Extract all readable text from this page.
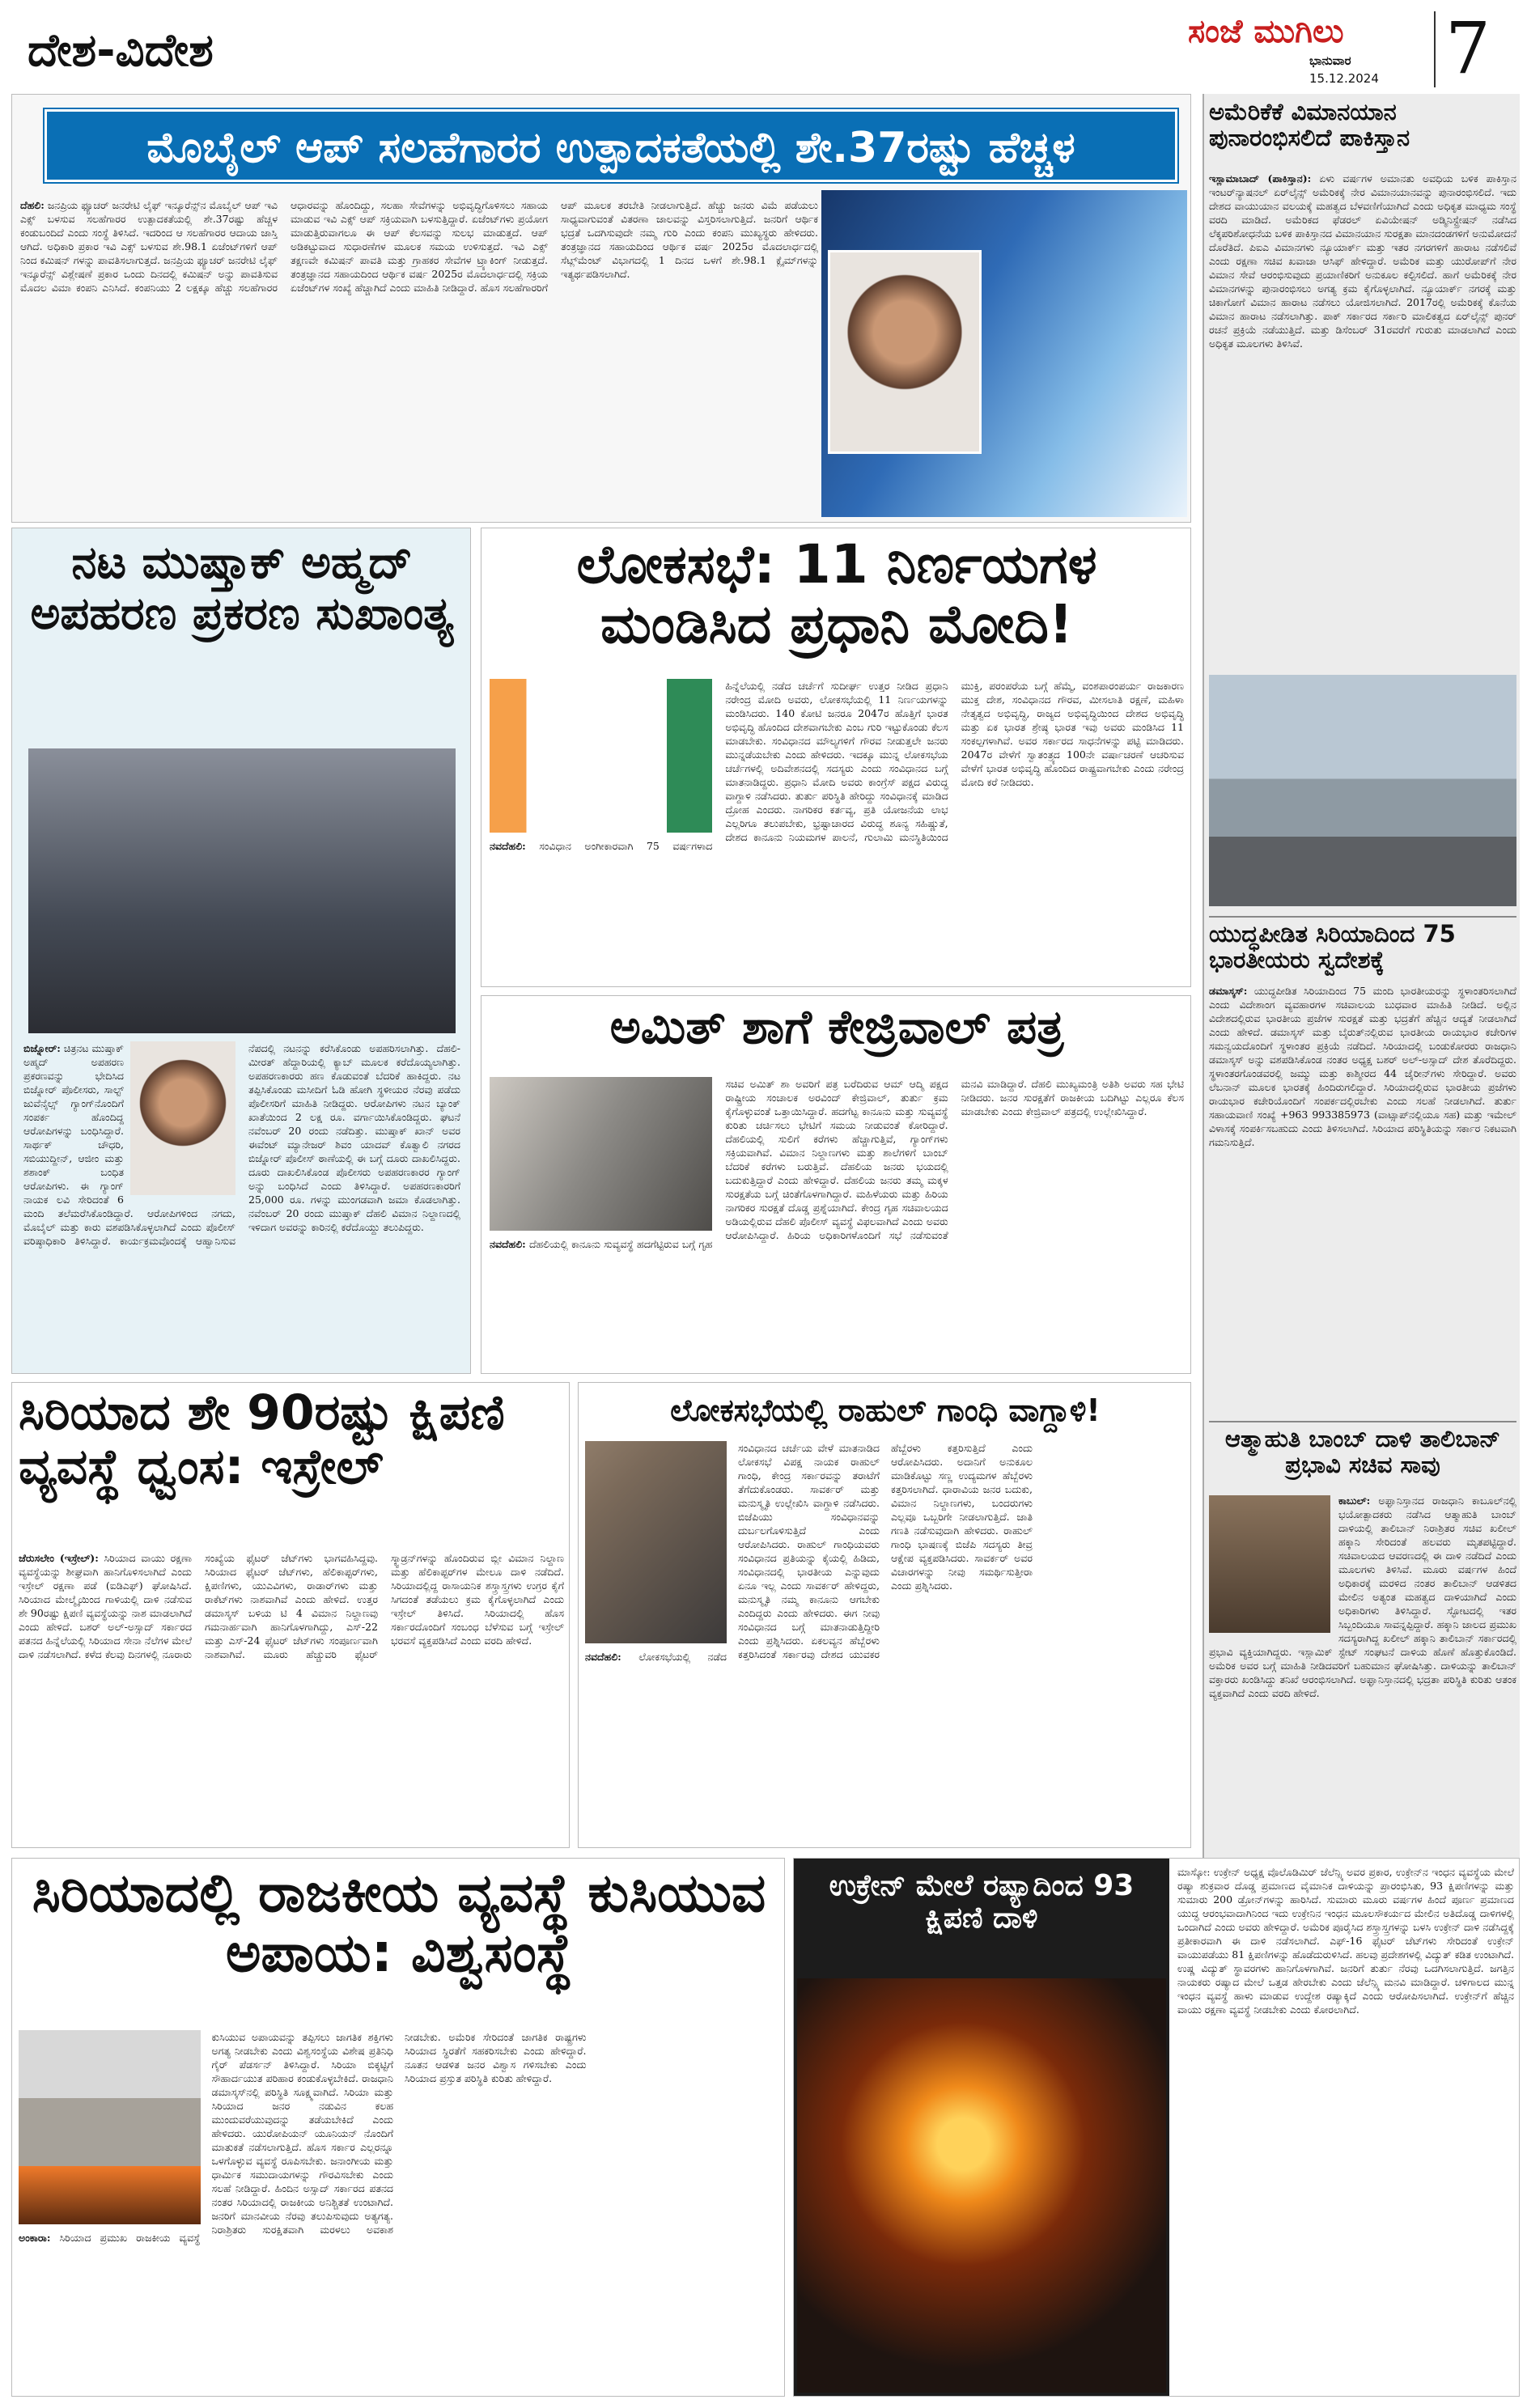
ದೇಶ-ವಿದೇಶ	ಸಂಜೆ ಮುಗಿಲು
ಭಾನುವಾರ
15.12.2024 7
ಮೊಬೈಲ್ ಆಪ್ ಸಲಹೆಗಾರರ ಉತ್ಪಾದಕತೆಯಲ್ಲಿ ಶೇ.37ರಷ್ಟು ಹೆಚ್ಚಳ
ದೆಹಲಿ: ಜನಪ್ರಿಯ ಫ್ಯೂಚರ್ ಜನರೇಟಿ ಲೈಫ್ ಇನ್ಶೂರೆನ್ಸ್‌ನ ಮೊಬೈಲ್ ಆಪ್ ಇವಿ ಎಕ್ಸ್‌ ಬಳಸುವ ಸಲಹೆಗಾರರ ಉತ್ಪಾದಕತೆಯಲ್ಲಿ ಶೇ.37ರಷ್ಟು ಹೆಚ್ಚಳ ಕಂಡುಬಂದಿದೆ ಎಂದು ಸಂಸ್ಥೆ ತಿಳಿಸಿದೆ. ಇದರಿಂದ ಆ ಸಲಹೆಗಾರರ ಆದಾಯ ಜಾಸ್ತಿ ಆಗಿದೆ. ಅಧಿಕಾರಿ ಪ್ರಕಾರ ಇವಿ ಎಕ್ಸ್‌ ಬಳಸುವ ಶೇ.98.1 ಏಜೆಂಟ್‌ಗಳಿಗೆ ಆಪ್‌ ನಿಂದ ಕಮಿಷನ್‌ ಗಳನ್ನು ಪಾವತಿಸಲಾಗುತ್ತದೆ. ಜನಪ್ರಿಯ ಫ್ಯೂಚರ್ ಜನರೇಟಿ ಲೈಫ್ ಇನ್ಶೂರೆನ್ಸ್ ವಿಶ್ಲೇಷಣೆ ಪ್ರಕಾರ ಒಂದು ದಿನದಲ್ಲಿ ಕಮಿಷನ್ ಅನ್ನು ಪಾವತಿಸುವ ಮೊದಲ ವಿಮಾ ಕಂಪನಿ ಎನಿಸಿದೆ. ಕಂಪನಿಯು 2 ಲಕ್ಷಕ್ಕೂ ಹೆಚ್ಚು ಸಲಹೆಗಾರರ ಆಧಾರವನ್ನು ಹೊಂದಿದ್ದು, ಸಲಹಾ ಸೇವೆಗಳನ್ನು ಅಭಿವೃದ್ಧಿಗೊಳಿಸಲು ಸಹಾಯ ಮಾಡುವ ಇವಿ ಎಕ್ಸ್‌ ಆಪ್ ಸಕ್ರಿಯವಾಗಿ ಬಳಸುತ್ತಿದ್ದಾರೆ. ಏಜೆಂಟ್‌ಗಳು ಪ್ರಯೋಗ ಮಾಡುತ್ತಿರುವಾಗಲೂ ಈ ಆಪ್ ಕೆಲಸವನ್ನು ಸುಲಭ ಮಾಡುತ್ತದೆ. ಆಪ್ ಅಡಿಕಟ್ಟುವಾದ ಸುಧಾರಣೆಗಳ ಮೂಲಕ ಸಮಯ ಉಳಿಸುತ್ತದೆ. ಇವಿ ಎಕ್ಸ್ ತಕ್ಷಣವೇ ಕಮಿಷನ್ ಪಾವತಿ ಮತ್ತು ಗ್ರಾಹಕರ ಸೇವೆಗಳ ಟ್ರ್ಯಾಕಿಂಗ್ ನೀಡುತ್ತದೆ. ತಂತ್ರಜ್ಞಾನದ ಸಹಾಯದಿಂದ ಆರ್ಥಿಕ ವರ್ಷ 2025ರ ಮೊದಲಾರ್ಧದಲ್ಲಿ ಸಕ್ರಿಯ ಏಜೆಂಟ್‌ಗಳ ಸಂಖ್ಯೆ ಹೆಚ್ಚಾಗಿದೆ ಎಂದು ಮಾಹಿತಿ ನೀಡಿದ್ದಾರೆ. ಹೊಸ ಸಲಹೆಗಾರರಿಗೆ ಆಪ್ ಮೂಲಕ ತರಬೇತಿ ನೀಡಲಾಗುತ್ತಿದೆ. ಹೆಚ್ಚು ಜನರು ವಿಮೆ ಪಡೆಯಲು ಸಾಧ್ಯವಾಗುವಂತೆ ವಿತರಣಾ ಜಾಲವನ್ನು ವಿಸ್ತರಿಸಲಾಗುತ್ತಿದೆ. ಜನರಿಗೆ ಆರ್ಥಿಕ ಭದ್ರತೆ ಒದಗಿಸುವುದೇ ನಮ್ಮ ಗುರಿ ಎಂದು ಕಂಪನಿ ಮುಖ್ಯಸ್ಥರು ಹೇಳಿದರು. ತಂತ್ರಜ್ಞಾನದ ಸಹಾಯದಿಂದ ಆರ್ಥಿಕ ವರ್ಷ 2025ರ ಮೊದಲಾರ್ಧದಲ್ಲಿ ಸೆಟ್ಲ್‌ಮೆಂಟ್ ವಿಭಾಗದಲ್ಲಿ 1 ದಿನದ ಒಳಗೆ ಶೇ.98.1 ಕ್ಲೈಮ್‌ಗಳನ್ನು ಇತ್ಯರ್ಥಪಡಿಸಲಾಗಿದೆ.
ಅಮೆರಿಕೆಕೆ ವಿಮಾನಯಾನ ಪುನಾರಂಭಿಸಲಿದೆ ಪಾಕಿಸ್ತಾನ
ಇಸ್ಲಾಮಾಬಾದ್ (ಪಾಕಿಸ್ತಾನ): ಏಳು ವರ್ಷಗಳ ಅಮಾನತು ಅವಧಿಯ ಬಳಿಕ ಪಾಕಿಸ್ತಾನ ಇಂಟರ್‌ನ್ಯಾಷನಲ್ ಏರ್‌ಲೈನ್ಸ್ ಅಮೆರಿಕಕ್ಕೆ ನೇರ ವಿಮಾನಯಾನವನ್ನು ಪುನಾರಂಭಿಸಲಿದೆ. ಇದು ದೇಶದ ವಾಯುಯಾನ ವಲಯಕ್ಕೆ ಮಹತ್ವದ ಬೆಳವಣಿಗೆಯಾಗಿದೆ ಎಂದು ಅಧಿಕೃತ ಮಾಧ್ಯಮ ಸಂಸ್ಥೆ ವರದಿ ಮಾಡಿದೆ. ಅಮೆರಿಕದ ಫೆಡರಲ್ ಏವಿಯೇಷನ್ ಅಡ್ಮಿನಿಸ್ಟ್ರೇಷನ್ ನಡೆಸಿದ ಲೆಕ್ಕಪರಿಶೋಧನೆಯ ಬಳಿಕ ಪಾಕಿಸ್ತಾನದ ವಿಮಾನಯಾನ ಸುರಕ್ಷತಾ ಮಾನದಂಡಗಳಿಗೆ ಅನುಮೋದನೆ ದೊರೆತಿದೆ. ಪಿಐಎ ವಿಮಾನಗಳು ನ್ಯೂಯಾರ್ಕ್ ಮತ್ತು ಇತರ ನಗರಗಳಿಗೆ ಹಾರಾಟ ನಡೆಸಲಿವೆ ಎಂದು ರಕ್ಷಣಾ ಸಚಿವ ಖವಾಜಾ ಆಸಿಫ್ ಹೇಳಿದ್ದಾರೆ. ಅಮೆರಿಕ ಮತ್ತು ಯುರೋಪ್‌ಗೆ ನೇರ ವಿಮಾನ ಸೇವೆ ಆರಂಭಿಸುವುದು ಪ್ರಯಾಣಿಕರಿಗೆ ಅನುಕೂಲ ಕಲ್ಪಿಸಲಿದೆ. ಹಾಗೆ ಅಮೆರಿಕಕ್ಕೆ ನೇರ ವಿಮಾನಗಳನ್ನು ಪುನಾರಂಭಿಸಲು ಅಗತ್ಯ ಕ್ರಮ ಕೈಗೊಳ್ಳಲಾಗಿದೆ. ನ್ಯೂಯಾರ್ಕ್ ನಗರಕ್ಕೆ ಮತ್ತು ಚಿಕಾಗೋಗೆ ವಿಮಾನ ಹಾರಾಟ ನಡೆಸಲು ಯೋಜಿಸಲಾಗಿದೆ. 2017ರಲ್ಲಿ ಅಮೆರಿಕಕ್ಕೆ ಕೊನೆಯ ವಿಮಾನ ಹಾರಾಟ ನಡೆಸಲಾಗಿತ್ತು. ಪಾಕ್ ಸರ್ಕಾರದ ಸರ್ಕಾರಿ ಮಾಲಿಕತ್ವದ ಏರ್‌ಲೈನ್ಸ್ ಪುನರ್ ರಚನೆ ಪ್ರಕ್ರಿಯೆ ನಡೆಯುತ್ತಿದೆ. ಮತ್ತು ಡಿಸೆಂಬರ್ 31ರವರೆಗೆ ಗುರುತು ಮಾಡಲಾಗಿದೆ ಎಂದು ಅಧಿಕೃತ ಮೂಲಗಳು ತಿಳಿಸಿವೆ.
ಯುದ್ಧಪೀಡಿತ ಸಿರಿಯಾದಿಂದ 75 ಭಾರತೀಯರು ಸ್ವದೇಶಕ್ಕೆ
ಡಮಾಸ್ಕಸ್: ಯುದ್ಧಪೀಡಿತ ಸಿರಿಯಾದಿಂದ 75 ಮಂದಿ ಭಾರತೀಯರನ್ನು ಸ್ಥಳಾಂತರಿಸಲಾಗಿದೆ ಎಂದು ವಿದೇಶಾಂಗ ವ್ಯವಹಾರಗಳ ಸಚಿವಾಲಯ ಬುಧವಾರ ಮಾಹಿತಿ ನೀಡಿದೆ. ಅಲ್ಲಿನ ವಿದೇಶದಲ್ಲಿರುವ ಭಾರತೀಯ ಪ್ರಜೆಗಳ ಸುರಕ್ಷತೆ ಮತ್ತು ಭದ್ರತೆಗೆ ಹೆಚ್ಚಿನ ಆದ್ಯತೆ ನೀಡಲಾಗಿದೆ ಎಂದು ಹೇಳಿದೆ. ಡಮಾಸ್ಕಸ್ ಮತ್ತು ಬೈರುತ್‌ನಲ್ಲಿರುವ ಭಾರತೀಯ ರಾಯಭಾರ ಕಚೇರಿಗಳ ಸಮನ್ವಯದೊಂದಿಗೆ ಸ್ಥಳಾಂತರ ಪ್ರಕ್ರಿಯೆ ನಡೆದಿದೆ. ಸಿರಿಯಾದಲ್ಲಿ ಬಂಡುಕೋರರು ರಾಜಧಾನಿ ಡಮಾಸ್ಕಸ್ ಅನ್ನು ವಶಪಡಿಸಿಕೊಂಡ ನಂತರ ಅಧ್ಯಕ್ಷ ಬಶರ್ ಅಲ್-ಅಸ್ಸಾದ್ ದೇಶ ತೊರೆದಿದ್ದರು. ಸ್ಥಳಾಂತರಗೊಂಡವರಲ್ಲಿ ಜಮ್ಮು ಮತ್ತು ಕಾಶ್ಮೀರದ 44 ಜೈರೀನ್‌ಗಳು ಸೇರಿದ್ದಾರೆ. ಅವರು ಲೆಬನಾನ್ ಮೂಲಕ ಭಾರತಕ್ಕೆ ಹಿಂದಿರುಗಲಿದ್ದಾರೆ. ಸಿರಿಯಾದಲ್ಲಿರುವ ಭಾರತೀಯ ಪ್ರಜೆಗಳು ರಾಯಭಾರ ಕಚೇರಿಯೊಂದಿಗೆ ಸಂಪರ್ಕದಲ್ಲಿರಬೇಕು ಎಂದು ಸಲಹೆ ನೀಡಲಾಗಿದೆ. ತುರ್ತು ಸಹಾಯವಾಣಿ ಸಂಖ್ಯೆ +963 993385973 (ವಾಟ್ಸಾಪ್‌ನಲ್ಲಿಯೂ ಸಹ) ಮತ್ತು ಇಮೇಲ್ ವಿಳಾಸಕ್ಕೆ ಸಂಪರ್ಕಿಸಬಹುದು ಎಂದು ತಿಳಿಸಲಾಗಿದೆ. ಸಿರಿಯಾದ ಪರಿಸ್ಥಿತಿಯನ್ನು ಸರ್ಕಾರ ನಿಕಟವಾಗಿ ಗಮನಿಸುತ್ತಿದೆ.
ಆತ್ಮಾಹುತಿ ಬಾಂಬ್ ದಾಳಿ ತಾಲಿಬಾನ್ ಪ್ರಭಾವಿ ಸಚಿವ ಸಾವು
ಕಾಬುಲ್: ಅಫ್ಘಾನಿಸ್ತಾನದ ರಾಜಧಾನಿ ಕಾಬೂಲ್‌ನಲ್ಲಿ ಭಯೋತ್ಪಾದಕರು ನಡೆಸಿದ ಆತ್ಮಾಹುತಿ ಬಾಂಬ್ ದಾಳಿಯಲ್ಲಿ ತಾಲಿಬಾನ್ ನಿರಾಶ್ರಿತರ ಸಚಿವ ಖಲೀಲ್ ಹಕ್ಕಾನಿ ಸೇರಿದಂತೆ ಹಲವರು ಮೃತಪಟ್ಟಿದ್ದಾರೆ. ಸಚಿವಾಲಯದ ಆವರಣದಲ್ಲಿ ಈ ದಾಳಿ ನಡೆದಿದೆ ಎಂದು ಮೂಲಗಳು ತಿಳಿಸಿವೆ. ಮೂರು ವರ್ಷಗಳ ಹಿಂದೆ ಅಧಿಕಾರಕ್ಕೆ ಮರಳಿದ ನಂತರ ತಾಲಿಬಾನ್ ಆಡಳಿತದ ಮೇಲಿನ ಅತ್ಯಂತ ಮಹತ್ವದ ದಾಳಿಯಾಗಿದೆ ಎಂದು ಅಧಿಕಾರಿಗಳು ತಿಳಿಸಿದ್ದಾರೆ. ಸ್ಫೋಟದಲ್ಲಿ ಇತರ ಸಿಬ್ಬಂದಿಯೂ ಸಾವನ್ನಪ್ಪಿದ್ದಾರೆ. ಹಕ್ಕಾನಿ ಜಾಲದ ಪ್ರಮುಖ ಸದಸ್ಯರಾಗಿದ್ದ ಖಲೀಲ್ ಹಕ್ಕಾನಿ ತಾಲಿಬಾನ್ ಸರ್ಕಾರದಲ್ಲಿ ಪ್ರಭಾವಿ ವ್ಯಕ್ತಿಯಾಗಿದ್ದರು. ಇಸ್ಲಾಮಿಕ್ ಸ್ಟೇಟ್ ಸಂಘಟನೆ ದಾಳಿಯ ಹೊಣೆ ಹೊತ್ತುಕೊಂಡಿದೆ. ಅಮೆರಿಕ ಅವರ ಬಗ್ಗೆ ಮಾಹಿತಿ ನೀಡಿದವರಿಗೆ ಬಹುಮಾನ ಘೋಷಿಸಿತ್ತು. ದಾಳಿಯನ್ನು ತಾಲಿಬಾನ್ ವಕ್ತಾರರು ಖಂಡಿಸಿದ್ದು ತನಿಖೆ ಆರಂಭಿಸಲಾಗಿದೆ. ಅಫ್ಘಾನಿಸ್ತಾನದಲ್ಲಿ ಭದ್ರತಾ ಪರಿಸ್ಥಿತಿ ಕುರಿತು ಆತಂಕ ವ್ಯಕ್ತವಾಗಿದೆ ಎಂದು ವರದಿ ಹೇಳಿದೆ.
ನಟ ಮುಷ್ತಾಕ್ ಅಹ್ಮದ್ ಅಪಹರಣ ಪ್ರಕರಣ ಸುಖಾಂತ್ಯ
ಬಿಜ್ನೋರ್: ಚಿತ್ರನಟ ಮುಷ್ತಾಕ್ ಅಹ್ಮದ್ ಅಪಹರಣ ಪ್ರಕರಣವನ್ನು ಭೇದಿಸಿದ ಬಿಜ್ನೋರ್ ಪೊಲೀಸರು, ಸಾಲ್ಟ್ ಜುವೆನೈಲ್ಸ್ ಗ್ಯಾಂಗ್‌ನೊಂದಿಗೆ ಸಂಪರ್ಕ ಹೊಂದಿದ್ದ ಆರೋಪಿಗಳನ್ನು ಬಂಧಿಸಿದ್ದಾರೆ. ಸಾರ್ಥಕ್ ಚೌಧರಿ, ಸಬಿಯುದ್ದೀನ್, ಆಜೀಂ ಮತ್ತು ಶಶಾಂಕ್ ಬಂಧಿತ ಆರೋಪಿಗಳು. ಈ ಗ್ಯಾಂಗ್ ನಾಯಕ ಲವಿ ಸೇರಿದಂತೆ 6 ಮಂದಿ ತಲೆಮರೆಸಿಕೊಂಡಿದ್ದಾರೆ. ಆರೋಪಿಗಳಿಂದ ನಗದು, ಮೊಬೈಲ್ ಮತ್ತು ಕಾರು ವಶಪಡಿಸಿಕೊಳ್ಳಲಾಗಿದೆ ಎಂದು ಪೊಲೀಸ್ ವರಿಷ್ಠಾಧಿಕಾರಿ ತಿಳಿಸಿದ್ದಾರೆ. ಕಾರ್ಯಕ್ರಮವೊಂದಕ್ಕೆ ಆಹ್ವಾನಿಸುವ ನೆಪದಲ್ಲಿ ನಟನನ್ನು ಕರೆಸಿಕೊಂಡು ಅಪಹರಿಸಲಾಗಿತ್ತು. ದೆಹಲಿ-ಮೀರತ್ ಹೆದ್ದಾರಿಯಲ್ಲಿ ಕ್ಯಾಬ್ ಮೂಲಕ ಕರೆದೊಯ್ಯಲಾಗಿತ್ತು. ಅಪಹರಣಕಾರರು ಹಣ ಕೊಡುವಂತೆ ಬೆದರಿಕೆ ಹಾಕಿದ್ದರು. ನಟ ತಪ್ಪಿಸಿಕೊಂಡು ಮಸೀದಿಗೆ ಓಡಿ ಹೋಗಿ ಸ್ಥಳೀಯರ ನೆರವು ಪಡೆದು ಪೊಲೀಸರಿಗೆ ಮಾಹಿತಿ ನೀಡಿದ್ದರು. ಆರೋಪಿಗಳು ನಟನ ಬ್ಯಾಂಕ್ ಖಾತೆಯಿಂದ 2 ಲಕ್ಷ ರೂ. ವರ್ಗಾಯಿಸಿಕೊಂಡಿದ್ದರು. ಘಟನೆ ನವೆಂಬರ್ 20 ರಂದು ನಡೆದಿತ್ತು. ಮುಷ್ತಾಕ್ ಖಾನ್ ಅವರ ಈವೆಂಟ್ ಮ್ಯಾನೇಜರ್ ಶಿವಂ ಯಾದವ್ ಕೊತ್ವಾಲಿ ನಗರದ ಬಿಜ್ನೋರ್ ಪೊಲೀಸ್ ಠಾಣೆಯಲ್ಲಿ ಈ ಬಗ್ಗೆ ದೂರು ದಾಖಲಿಸಿದ್ದರು. ದೂರು ದಾಖಲಿಸಿಕೊಂಡ ಪೊಲೀಸರು ಅಪಹರಣಕಾರರ ಗ್ಯಾಂಗ್ ಅನ್ನು ಬಂಧಿಸಿದೆ ಎಂದು ತಿಳಿಸಿದ್ದಾರೆ. ಅಪಹರಣಕಾರರಿಗೆ 25,000 ರೂ. ಗಳನ್ನು ಮುಂಗಡವಾಗಿ ಜಮಾ ಕೊಡಲಾಗಿತ್ತು. ನವೆಂಬರ್ 20 ರಂದು ಮುಷ್ತಾಕ್ ದೆಹಲಿ ವಿಮಾನ ನಿಲ್ದಾಣದಲ್ಲಿ ಇಳಿದಾಗ ಅವರನ್ನು ಕಾರಿನಲ್ಲಿ ಕರೆದೊಯ್ದು ತಲುಪಿದ್ದರು.
ಲೋಕಸಭೆ: 11 ನಿರ್ಣಯಗಳ ಮಂಡಿಸಿದ ಪ್ರಧಾನಿ ಮೋದಿ!
ನವದೆಹಲಿ: ಸಂವಿಧಾನ ಅಂಗೀಕಾರವಾಗಿ 75 ವರ್ಷಗಳಾದ ಹಿನ್ನೆಲೆಯಲ್ಲಿ ನಡೆದ ಚರ್ಚೆಗೆ ಸುದೀರ್ಘ ಉತ್ತರ ನೀಡಿದ ಪ್ರಧಾನಿ ನರೇಂದ್ರ ಮೋದಿ ಅವರು, ಲೋಕಸಭೆಯಲ್ಲಿ 11 ನಿರ್ಣಯಗಳನ್ನು ಮಂಡಿಸಿದರು. 140 ಕೋಟಿ ಜನರೂ 2047ರ ಹೊತ್ತಿಗೆ ಭಾರತ ಅಭಿವೃದ್ಧಿ ಹೊಂದಿದ ದೇಶವಾಗಬೇಕು ಎಂಬ ಗುರಿ ಇಟ್ಟುಕೊಂಡು ಕೆಲಸ ಮಾಡಬೇಕು. ಸಂವಿಧಾನದ ಮೌಲ್ಯಗಳಿಗೆ ಗೌರವ ನೀಡುತ್ತಲೇ ಜನರು ಮುನ್ನಡೆಯಬೇಕು ಎಂದು ಹೇಳಿದರು. ಇದಕ್ಕೂ ಮುನ್ನ ಲೋಕಸಭೆಯ ಚರ್ಚೆಗಳಲ್ಲಿ ಅದಿವೇಶನದಲ್ಲಿ ಸದಸ್ಯರು ಎಂದು ಸಂವಿಧಾನದ ಬಗ್ಗೆ ಮಾತನಾಡಿದ್ದರು. ಪ್ರಧಾನಿ ಮೋದಿ ಅವರು ಕಾಂಗ್ರೆಸ್‌ ಪಕ್ಷದ ವಿರುದ್ಧ ವಾಗ್ದಾಳಿ ನಡೆಸಿದರು. ತುರ್ತು ಪರಿಸ್ಥಿತಿ ಹೇರಿದ್ದು ಸಂವಿಧಾನಕ್ಕೆ ಮಾಡಿದ ದ್ರೋಹ ಎಂದರು. ನಾಗರಿಕರ ಕರ್ತವ್ಯ, ಪ್ರತಿ ಯೋಜನೆಯ ಲಾಭ ಎಲ್ಲರಿಗೂ ತಲುಪಬೇಕು, ಭ್ರಷ್ಟಾಚಾರದ ವಿರುದ್ಧ ಶೂನ್ಯ ಸಹಿಷ್ಣುತೆ, ದೇಶದ ಕಾನೂನು ನಿಯಮಗಳ ಪಾಲನೆ, ಗುಲಾಮಿ ಮನಸ್ಥಿತಿಯಿಂದ ಮುಕ್ತಿ, ಪರಂಪರೆಯ ಬಗ್ಗೆ ಹೆಮ್ಮೆ, ವಂಶಪಾರಂಪರ್ಯ ರಾಜಕಾರಣ ಮುಕ್ತ ದೇಶ, ಸಂವಿಧಾನದ ಗೌರವ, ಮೀಸಲಾತಿ ರಕ್ಷಣೆ, ಮಹಿಳಾ ನೇತೃತ್ವದ ಅಭಿವೃದ್ಧಿ, ರಾಜ್ಯದ ಅಭಿವೃದ್ಧಿಯಿಂದ ದೇಶದ ಅಭಿವೃದ್ಧಿ ಮತ್ತು ಏಕ ಭಾರತ ಶ್ರೇಷ್ಠ ಭಾರತ ಇವು ಅವರು ಮಂಡಿಸಿದ 11 ಸಂಕಲ್ಪಗಳಾಗಿವೆ. ಅವರ ಸರ್ಕಾರದ ಸಾಧನೆಗಳನ್ನು ಪಟ್ಟಿ ಮಾಡಿದರು. 2047ರ ವೇಳೆಗೆ ಸ್ವಾತಂತ್ರ್ಯದ 100ನೇ ವರ್ಷಾಚರಣೆ ಆಚರಿಸುವ ವೇಳೆಗೆ ಭಾರತ ಅಭಿವೃದ್ಧಿ ಹೊಂದಿದ ರಾಷ್ಟ್ರವಾಗಬೇಕು ಎಂದು ನರೇಂದ್ರ ಮೋದಿ ಕರೆ ನೀಡಿದರು.
ಅಮಿತ್ ಶಾಗೆ ಕೇಜ್ರಿವಾಲ್ ಪತ್ರ
ನವದೆಹಲಿ: ದೆಹಲಿಯಲ್ಲಿ ಕಾನೂನು ಸುವ್ಯವಸ್ಥೆ ಹದಗೆಟ್ಟಿರುವ ಬಗ್ಗೆ ಗೃಹ ಸಚಿವ ಅಮಿತ್ ಶಾ ಅವರಿಗೆ ಪತ್ರ ಬರೆದಿರುವ ಆಮ್ ಆದ್ಮಿ ಪಕ್ಷದ ರಾಷ್ಟ್ರೀಯ ಸಂಚಾಲಕ ಅರವಿಂದ್ ಕೇಜ್ರಿವಾಲ್, ತುರ್ತು ಕ್ರಮ ಕೈಗೊಳ್ಳುವಂತೆ ಒತ್ತಾಯಿಸಿದ್ದಾರೆ. ಹದಗೆಟ್ಟ ಕಾನೂನು ಮತ್ತು ಸುವ್ಯವಸ್ಥೆ ಕುರಿತು ಚರ್ಚಿಸಲು ಭೇಟಿಗೆ ಸಮಯ ನೀಡುವಂತೆ ಕೋರಿದ್ದಾರೆ. ದೆಹಲಿಯಲ್ಲಿ ಸುಲಿಗೆ ಕರೆಗಳು ಹೆಚ್ಚಾಗುತ್ತಿವೆ, ಗ್ಯಾಂಗ್‌ಗಳು ಸಕ್ರಿಯವಾಗಿವೆ. ವಿಮಾನ ನಿಲ್ದಾಣಗಳು ಮತ್ತು ಶಾಲೆಗಳಿಗೆ ಬಾಂಬ್ ಬೆದರಿಕೆ ಕರೆಗಳು ಬರುತ್ತಿವೆ. ದೆಹಲಿಯ ಜನರು ಭಯದಲ್ಲಿ ಬದುಕುತ್ತಿದ್ದಾರೆ ಎಂದು ಹೇಳಿದ್ದಾರೆ. ದೆಹಲಿಯ ಜನರು ತಮ್ಮ ಮಕ್ಕಳ ಸುರಕ್ಷತೆಯ ಬಗ್ಗೆ ಚಿಂತೆಗೊಳಗಾಗಿದ್ದಾರೆ. ಮಹಿಳೆಯರು ಮತ್ತು ಹಿರಿಯ ನಾಗರಿಕರ ಸುರಕ್ಷತೆ ದೊಡ್ಡ ಪ್ರಶ್ನೆಯಾಗಿದೆ. ಕೇಂದ್ರ ಗೃಹ ಸಚಿವಾಲಯದ ಅಡಿಯಲ್ಲಿರುವ ದೆಹಲಿ ಪೊಲೀಸ್ ವ್ಯವಸ್ಥೆ ವಿಫಲವಾಗಿದೆ ಎಂದು ಅವರು ಆರೋಪಿಸಿದ್ದಾರೆ. ಹಿರಿಯ ಅಧಿಕಾರಿಗಳೊಂದಿಗೆ ಸಭೆ ನಡೆಸುವಂತೆ ಮನವಿ ಮಾಡಿದ್ದಾರೆ. ದೆಹಲಿ ಮುಖ್ಯಮಂತ್ರಿ ಅತಿಶಿ ಅವರು ಸಹ ಭೇಟಿ ನೀಡಿದರು. ಜನರ ಸುರಕ್ಷತೆಗೆ ರಾಜಕೀಯ ಬದಿಗಿಟ್ಟು ಎಲ್ಲರೂ ಕೆಲಸ ಮಾಡಬೇಕು ಎಂದು ಕೇಜ್ರಿವಾಲ್ ಪತ್ರದಲ್ಲಿ ಉಲ್ಲೇಖಿಸಿದ್ದಾರೆ.
ಸಿರಿಯಾದ ಶೇ 90ರಷ್ಟು ಕ್ಷಿಪಣಿ ವ್ಯವಸ್ಥೆ ಧ್ವಂಸ: ಇಸ್ರೇಲ್
ಜೆರುಸಲೇಂ (ಇಸ್ರೇಲ್): ಸಿರಿಯಾದ ವಾಯು ರಕ್ಷಣಾ ವ್ಯವಸ್ಥೆಯನ್ನು ಶೀಘ್ರವಾಗಿ ಹಾನಿಗೊಳಿಸಲಾಗಿದೆ ಎಂದು ಇಸ್ರೇಲ್ ರಕ್ಷಣಾ ಪಡೆ (ಐಡಿಎಫ್) ಘೋಷಿಸಿದೆ. ಸಿರಿಯಾದ ಮೇಲ್ಮೈಯಿಂದ ಗಾಳಿಯಲ್ಲಿ ದಾಳಿ ನಡೆಸುವ ಶೇ 90ರಷ್ಟು ಕ್ಷಿಪಣಿ ವ್ಯವಸ್ಥೆಯನ್ನು ನಾಶ ಮಾಡಲಾಗಿದೆ ಎಂದು ಹೇಳಿದೆ. ಬಶರ್ ಅಲ್-ಅಸ್ಸಾದ್ ಸರ್ಕಾರದ ಪತನದ ಹಿನ್ನೆಲೆಯಲ್ಲಿ ಸಿರಿಯಾದ ಸೇನಾ ನೆಲೆಗಳ ಮೇಲೆ ದಾಳಿ ನಡೆಸಲಾಗಿದೆ. ಕಳೆದ ಕೆಲವು ದಿನಗಳಲ್ಲಿ ನೂರಾರು ಸಂಖ್ಯೆಯ ಫೈಟರ್ ಜೆಟ್‌ಗಳು ಭಾಗವಹಿಸಿದ್ದವು. ಸಿರಿಯಾದ ಫೈಟರ್ ಜೆಟ್‌ಗಳು, ಹೆಲಿಕಾಪ್ಟರ್‌ಗಳು, ಕ್ಷಿಪಣಿಗಳು, ಯುಎವಿಗಳು, ರಾಡಾರ್‌ಗಳು ಮತ್ತು ರಾಕೆಟ್‌ಗಳು ನಾಶವಾಗಿವೆ ಎಂದು ಹೇಳಿದೆ. ಉತ್ತರ ಡಮಾಸ್ಕಸ್ ಬಳಿಯ ಟಿ 4 ವಿಮಾನ ನಿಲ್ದಾಣವು ಗಮನಾರ್ಹವಾಗಿ ಹಾನಿಗೊಳಗಾಗಿದ್ದು, ಎಸ್-22 ಮತ್ತು ಎಸ್-24 ಫೈಟರ್ ಜೆಟ್‌ಗಳು ಸಂಪೂರ್ಣವಾಗಿ ನಾಶವಾಗಿವೆ. ಮೂರು ಹೆಚ್ಚುವರಿ ಫೈಟರ್ ಸ್ಕ್ವಾಡ್ರನ್‌ಗಳನ್ನು ಹೊಂದಿರುವ ಬ್ಲೀ ವಿಮಾನ ನಿಲ್ದಾಣ ಮತ್ತು ಹೆಲಿಕಾಪ್ಟರ್‌ಗಳ ಮೇಲೂ ದಾಳಿ ನಡೆದಿದೆ. ಸಿರಿಯಾದಲ್ಲಿದ್ದ ರಾಸಾಯನಿಕ ಶಸ್ತ್ರಾಸ್ತ್ರಗಳು ಉಗ್ರರ ಕೈಗೆ ಸಿಗದಂತೆ ತಡೆಯಲು ಕ್ರಮ ಕೈಗೊಳ್ಳಲಾಗಿದೆ ಎಂದು ಇಸ್ರೇಲ್ ತಿಳಿಸಿದೆ. ಸಿರಿಯಾದಲ್ಲಿ ಹೊಸ ಸರ್ಕಾರದೊಂದಿಗೆ ಸಂಬಂಧ ಬೆಳೆಸುವ ಬಗ್ಗೆ ಇಸ್ರೇಲ್ ಭರವಸೆ ವ್ಯಕ್ತಪಡಿಸಿದೆ ಎಂದು ವರದಿ ಹೇಳಿದೆ.
ಲೋಕಸಭೆಯಲ್ಲಿ ರಾಹುಲ್ ಗಾಂಧಿ ವಾಗ್ದಾಳಿ!
ನವದೆಹಲಿ: ಲೋಕಸಭೆಯಲ್ಲಿ ನಡೆದ ಸಂವಿಧಾನದ ಚರ್ಚೆಯ ವೇಳೆ ಮಾತನಾಡಿದ ಲೋಕಸಭೆ ವಿಪಕ್ಷ ನಾಯಕ ರಾಹುಲ್ ಗಾಂಧಿ, ಕೇಂದ್ರ ಸರ್ಕಾರವನ್ನು ತರಾಟೆಗೆ ತೆಗೆದುಕೊಂಡರು. ಸಾವರ್ಕರ್ ಮತ್ತು ಮನುಸ್ಮೃತಿ ಉಲ್ಲೇಖಿಸಿ ವಾಗ್ದಾಳಿ ನಡೆಸಿದರು. ಬಿಜೆಪಿಯು ಸಂವಿಧಾನವನ್ನು ದುರ್ಬಲಗೊಳಿಸುತ್ತಿದೆ ಎಂದು ಆರೋಪಿಸಿದರು. ರಾಹುಲ್ ಗಾಂಧಿಯವರು ಸಂವಿಧಾನದ ಪ್ರತಿಯನ್ನು ಕೈಯಲ್ಲಿ ಹಿಡಿದು, ಸಂವಿಧಾನದಲ್ಲಿ ಭಾರತೀಯ ಎನ್ನುವುದು ಏನೂ ಇಲ್ಲ ಎಂದು ಸಾವರ್ಕರ್ ಹೇಳಿದ್ದರು, ಮನುಸ್ಮೃತಿ ನಮ್ಮ ಕಾನೂನು ಆಗಬೇಕು ಎಂದಿದ್ದರು ಎಂದು ಹೇಳಿದರು. ಈಗ ನೀವು ಸಂವಿಧಾನದ ಬಗ್ಗೆ ಮಾತನಾಡುತ್ತಿದ್ದೀರಿ ಎಂದು ಪ್ರಶ್ನಿಸಿದರು. ಏಕಲವ್ಯನ ಹೆಬ್ಬೆರಳು ಕತ್ತರಿಸಿದಂತೆ ಸರ್ಕಾರವು ದೇಶದ ಯುವಕರ ಹೆಬ್ಬೆರಳು ಕತ್ತರಿಸುತ್ತಿದೆ ಎಂದು ಆರೋಪಿಸಿದರು. ಅದಾನಿಗೆ ಅನುಕೂಲ ಮಾಡಿಕೊಟ್ಟು ಸಣ್ಣ ಉದ್ಯಮಗಳ ಹೆಬ್ಬೆರಳು ಕತ್ತರಿಸಲಾಗಿದೆ. ಧಾರಾವಿಯ ಜನರ ಬದುಕು, ವಿಮಾನ ನಿಲ್ದಾಣಗಳು, ಬಂದರುಗಳು ಎಲ್ಲವೂ ಒಬ್ಬರಿಗೇ ನೀಡಲಾಗುತ್ತಿದೆ. ಜಾತಿ ಗಣತಿ ನಡೆಸುವುದಾಗಿ ಹೇಳಿದರು. ರಾಹುಲ್ ಗಾಂಧಿ ಭಾಷಣಕ್ಕೆ ಬಿಜೆಪಿ ಸದಸ್ಯರು ತೀವ್ರ ಆಕ್ಷೇಪ ವ್ಯಕ್ತಪಡಿಸಿದರು. ಸಾವರ್ಕರ್ ಅವರ ವಿಚಾರಗಳನ್ನು ನೀವು ಸಮರ್ಥಿಸುತ್ತೀರಾ ಎಂದು ಪ್ರಶ್ನಿಸಿದರು.
ಸಿರಿಯಾದಲ್ಲಿ ರಾಜಕೀಯ ವ್ಯವಸ್ಥೆ ಕುಸಿಯುವ ಅಪಾಯ: ವಿಶ್ವಸಂಸ್ಥೆ
ಅಂಕಾರಾ: ಸಿರಿಯಾದ ಪ್ರಮುಖ ರಾಜಕೀಯ ವ್ಯವಸ್ಥೆ ಕುಸಿಯುವ ಅಪಾಯವನ್ನು ತಪ್ಪಿಸಲು ಜಾಗತಿಕ ಶಕ್ತಿಗಳು ಅಗತ್ಯ ನೀಡಬೇಕು ಎಂದು ವಿಶ್ವಸಂಸ್ಥೆಯ ವಿಶೇಷ ಪ್ರತಿನಿಧಿ ಗೈರ್ ಪೆಡರ್ಸನ್ ತಿಳಿಸಿದ್ದಾರೆ. ಸಿರಿಯಾ ಬಿಕ್ಕಟ್ಟಿಗೆ ಸೌಹಾರ್ದಯುತ ಪರಿಹಾರ ಕಂಡುಕೊಳ್ಳಬೇಕಿದೆ. ರಾಜಧಾನಿ ಡಮಾಸ್ಕಸ್‌ನಲ್ಲಿ ಪರಿಸ್ಥಿತಿ ಸೂಕ್ಷ್ಮವಾಗಿದೆ. ಸಿರಿಯಾ ಮತ್ತು ಸಿರಿಯಾದ ಜನರ ನಡುವಿನ ಕಲಹ ಮುಂದುವರೆಯುವುದನ್ನು ತಡೆಯಬೇಕಿದೆ ಎಂದು ಹೇಳಿದರು. ಯುರೋಪಿಯನ್ ಯೂನಿಯನ್ ನೊಂದಿಗೆ ಮಾತುಕತೆ ನಡೆಸಲಾಗುತ್ತಿದೆ. ಹೊಸ ಸರ್ಕಾರ ಎಲ್ಲರನ್ನೂ ಒಳಗೊಳ್ಳುವ ವ್ಯವಸ್ಥೆ ರೂಪಿಸಬೇಕು. ಜನಾಂಗೀಯ ಮತ್ತು ಧಾರ್ಮಿಕ ಸಮುದಾಯಗಳನ್ನು ಗೌರವಿಸಬೇಕು ಎಂದು ಸಲಹೆ ನೀಡಿದ್ದಾರೆ. ಹಿಂದಿನ ಅಸ್ಸಾದ್ ಸರ್ಕಾರದ ಪತನದ ನಂತರ ಸಿರಿಯಾದಲ್ಲಿ ರಾಜಕೀಯ ಅನಿಶ್ಚಿತತೆ ಉಂಟಾಗಿದೆ. ಜನರಿಗೆ ಮಾನವೀಯ ನೆರವು ತಲುಪಿಸುವುದು ಅತ್ಯಗತ್ಯ. ನಿರಾಶ್ರಿತರು ಸುರಕ್ಷಿತವಾಗಿ ಮರಳಲು ಅವಕಾಶ ನೀಡಬೇಕು. ಅಮೆರಿಕ ಸೇರಿದಂತೆ ಜಾಗತಿಕ ರಾಷ್ಟ್ರಗಳು ಸಿರಿಯಾದ ಸ್ಥಿರತೆಗೆ ಸಹಕರಿಸಬೇಕು ಎಂದು ಹೇಳಿದ್ದಾರೆ. ನೂತನ ಆಡಳಿತ ಜನರ ವಿಶ್ವಾಸ ಗಳಿಸಬೇಕು ಎಂದು ಸಿರಿಯಾದ ಪ್ರಸ್ತುತ ಪರಿಸ್ಥಿತಿ ಕುರಿತು ಹೇಳಿದ್ದಾರೆ.
ಉಕ್ರೇನ್ ಮೇಲೆ ರಷ್ಯಾದಿಂದ 93 ಕ್ಷಿಪಣಿ ದಾಳಿ
ಮಾಸ್ಕೋ: ಉಕ್ರೇನ್ ಅಧ್ಯಕ್ಷ ವೊಲೊಡಿಮಿರ್ ಜೆಲೆನ್ಸ್ಕಿ ಅವರ ಪ್ರಕಾರ, ಉಕ್ರೇನ್‌ನ ಇಂಧನ ವ್ಯವಸ್ಥೆಯ ಮೇಲೆ ರಷ್ಯಾ ಶುಕ್ರವಾರ ದೊಡ್ಡ ಪ್ರಮಾಣದ ವೈಮಾನಿಕ ದಾಳಿಯನ್ನು ಪ್ರಾರಂಭಿಸಿತು, 93 ಕ್ಷಿಪಣಿಗಳನ್ನು ಮತ್ತು ಸುಮಾರು 200 ಡ್ರೋನ್‌ಗಳನ್ನು ಹಾರಿಸಿದೆ. ಸುಮಾರು ಮೂರು ವರ್ಷಗಳ ಹಿಂದೆ ಪೂರ್ಣ ಪ್ರಮಾಣದ ಯುದ್ಧ ಆರಂಭವಾದಾಗಿನಿಂದ ಇದು ಉಕ್ರೇನಿನ ಇಂಧನ ಮೂಲಸೌಕರ್ಯದ ಮೇಲಿನ ಅತಿದೊಡ್ಡ ದಾಳಿಗಳಲ್ಲಿ ಒಂದಾಗಿದೆ ಎಂದು ಅವರು ಹೇಳಿದ್ದಾರೆ. ಅಮೆರಿಕ ಪೂರೈಸಿದ ಶಸ್ತ್ರಾಸ್ತ್ರಗಳನ್ನು ಬಳಸಿ ಉಕ್ರೇನ್ ದಾಳಿ ನಡೆಸಿದ್ದಕ್ಕೆ ಪ್ರತೀಕಾರವಾಗಿ ಈ ದಾಳಿ ನಡೆಸಲಾಗಿದೆ. ಎಫ್-16 ಫೈಟರ್ ಜೆಟ್‌ಗಳು ಸೇರಿದಂತೆ ಉಕ್ರೇನ್ ವಾಯುಪಡೆಯು 81 ಕ್ಷಿಪಣಿಗಳನ್ನು ಹೊಡೆದುರುಳಿಸಿದೆ. ಹಲವು ಪ್ರದೇಶಗಳಲ್ಲಿ ವಿದ್ಯುತ್ ಕಡಿತ ಉಂಟಾಗಿದೆ. ಉಷ್ಣ ವಿದ್ಯುತ್ ಸ್ಥಾವರಗಳು ಹಾನಿಗೊಳಗಾಗಿವೆ. ಜನರಿಗೆ ತುರ್ತು ನೆರವು ಒದಗಿಸಲಾಗುತ್ತಿದೆ. ಜಗತ್ತಿನ ನಾಯಕರು ರಷ್ಯಾದ ಮೇಲೆ ಒತ್ತಡ ಹೇರಬೇಕು ಎಂದು ಜೆಲೆನ್ಸ್ಕಿ ಮನವಿ ಮಾಡಿದ್ದಾರೆ. ಚಳಿಗಾಲದ ಮುನ್ನ ಇಂಧನ ವ್ಯವಸ್ಥೆ ಹಾಳು ಮಾಡುವ ಉದ್ದೇಶ ರಷ್ಯಾಕ್ಕಿದೆ ಎಂದು ಆರೋಪಿಸಲಾಗಿದೆ. ಉಕ್ರೇನ್‌ಗೆ ಹೆಚ್ಚಿನ ವಾಯು ರಕ್ಷಣಾ ವ್ಯವಸ್ಥೆ ನೀಡಬೇಕು ಎಂದು ಕೋರಲಾಗಿದೆ.
